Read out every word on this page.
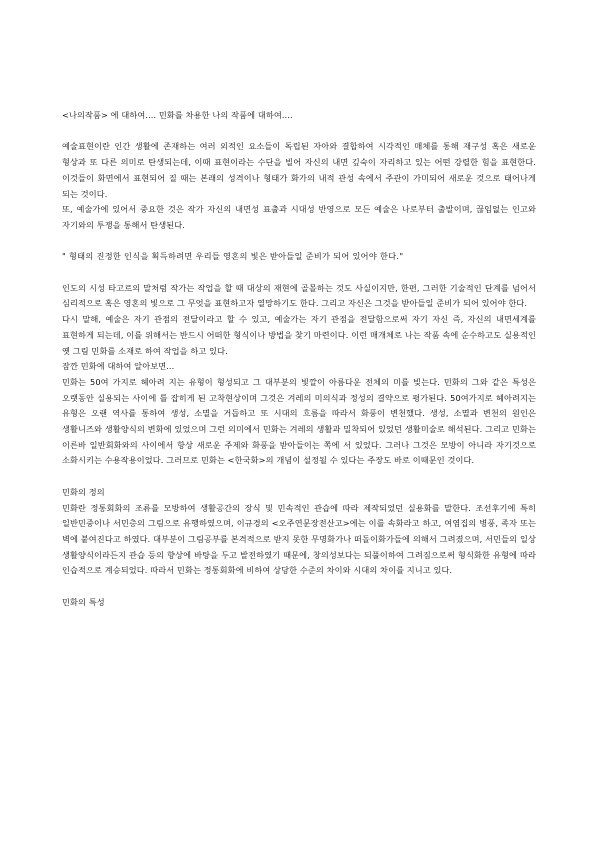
<나의작품> 에 대하여.... 민화를 차용한 나의 작품에 대하여....

예술표현이란 인간 생활에 존재하는 여러 외적인 요소들이 독립된 자아와 결합하여 시각적인 매체를 통해 재구성 혹은 새로운 형상과 또 다른 의미로 탄생되는데, 이때 표현이라는 수단을 빌어 자신의 내면 깊숙이 자리하고 있는 어떤 강렬한 힘을 표현한다. 이것들이 화면에서 표현되어 질 때는 본래의 성격이나 형태가 화가의 내적 관성 속에서 주관이 가미되어 새로운 것으로 태어나게 되는 것이다.

또, 예술가에 있어서 중요한 것은 작가 자신의 내면성 표출과 시대성 반영으로 모든 예술은 나로부터 출발이며, 끊임없는 인고와 자기와의 투쟁을 통해서 탄생된다.

" 형태의 진정한 인식을 획득하려면 우리들 영혼의 빛은 받아들일 준비가 되어 있어야 한다."

인도의 시성 타고르의 말처럼 작가는 작업을 할 때 대상의 재현에 골몰하는 것도 사실이지만, 한편, 그러한 기술적인 단계를 넘어서 심리적으로 혹은 영혼의 빛으로 그 무엇을 표현하고자 열망하기도 한다. 그리고 자신은 그것을 받아들일 준비가 되어 있어야 한다.

다시 말해, 예술은 자기 관점의 전달이라고 할 수 있고, 예술가는 자기 관점을 전달함으로써 자기 자신 즉, 자신의 내면세계를 표현하게 되는데, 이를 위해서는 반드시 어떠한 형식이나 방법을 찾기 마련이다. 이런 매개체로 나는 작품 속에 순수하고도 실용적인 옛 그림 민화를 소재로 하여 작업을 하고 있다.

잠깐 민화에 대하여 알아보면...

민화는 50여 가지로 헤아려 지는 유형이 형성되고 그 대부분의 빛깔이 아름다운 전체의 미를 빚는다. 민화의 그와 같은 특성은 오랫동안 실용되는 사이에 틀 잡히게 된 고착현상이며 그것은 겨레의 미의식과 정성의 결약으로 평가된다. 50여가지로 헤아려지는 유형은 오랜 역사를 통하여 생성, 소멸을 거듭하고 또 시대의 흐름을 따라서 화풍이 변천했다. 생성, 소멸과 변천의 원인은 생활니즈와 생활양식의 변화에 있었으며 그런 의미에서 민화는 겨레의 생활과 밀착되어 있었던 생활미술로 해석된다. 그리고 민화는 이른바 일반회화와의 사이에서 항상 새로운 주제와 화풍을 받아들이는 쪽에 서 있었다. 그러나 그것은 모방이 아니라 자기것으로 소화시키는 수용작용이었다. 그러므로 민화는 <한국화>의 개념이 설정될 수 있다는 주장도 바로 이때문인 것이다.

민화의 정의

민화란 정통회화의 조류를 모방하여 생활공간의 장식 및 민속적인 관습에 따라 제작되었던 실용화를 말한다. 조선후기에 특히 일반민중이나 서민층의 그림으로 유행하였으며, 이규경의 <오주연문장전산고>에는 이를 속화라고 하고, 여염집의 병풍, 족자 또는 벽에 붙여진다고 하였다. 대부분이 그림공부를 본격적으로 받지 못한 무명화가나 떠돌이화가들에 의해서 그려졌으며, 서민들의 일상 생활양식이라든지 관습 등의 향상에 바탕을 두고 발전하였기 때문에, 창의성보다는 되풀이하여 그려짐으로써 형식화한 유형에 따라 인습적으로 계승되었다. 따라서 민화는 정통회화에 비하여 상당한 수준의 차이와 시대의 차이를 지니고 있다.

민화의 특성
